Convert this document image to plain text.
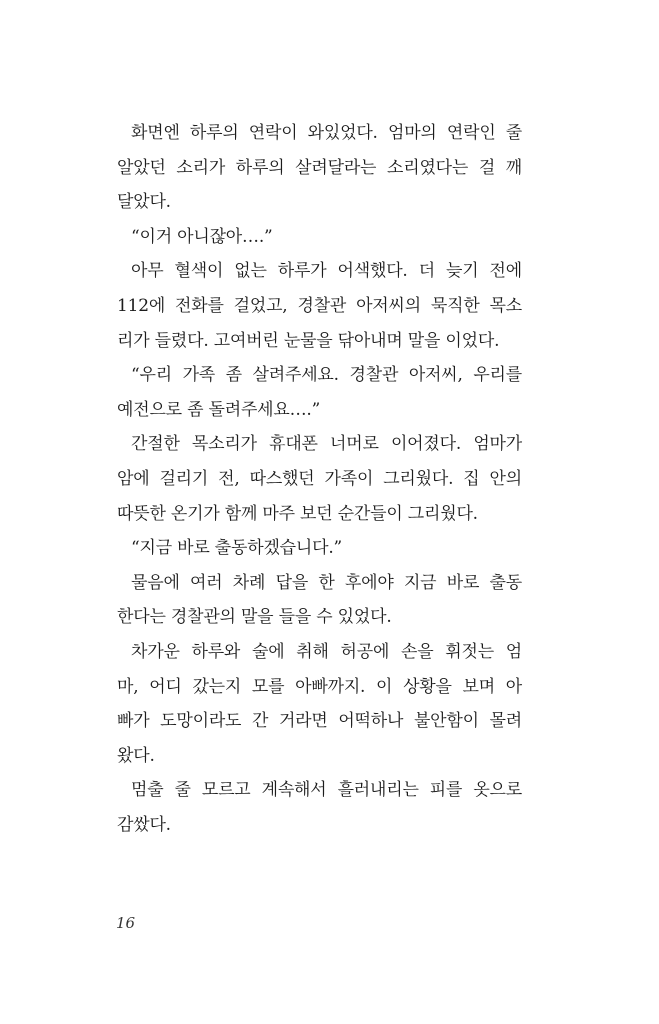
화면엔 하루의 연락이 와있었다. 엄마의 연락인 줄
알았던 소리가 하루의 살려달라는 소리였다는 걸 깨
달았다.
“이거 아니잖아….”
아무 혈색이 없는 하루가 어색했다. 더 늦기 전에
112에 전화를 걸었고, 경찰관 아저씨의 묵직한 목소
리가 들렸다. 고여버린 눈물을 닦아내며 말을 이었다.
“우리 가족 좀 살려주세요. 경찰관 아저씨, 우리를
예전으로 좀 돌려주세요….”
간절한 목소리가 휴대폰 너머로 이어졌다. 엄마가
암에 걸리기 전, 따스했던 가족이 그리웠다. 집 안의
따뜻한 온기가 함께 마주 보던 순간들이 그리웠다.
“지금 바로 출동하겠습니다.”
물음에 여러 차례 답을 한 후에야 지금 바로 출동
한다는 경찰관의 말을 들을 수 있었다.
차가운 하루와 술에 취해 허공에 손을 휘젓는 엄
마, 어디 갔는지 모를 아빠까지. 이 상황을 보며 아
빠가 도망이라도 간 거라면 어떡하나 불안함이 몰려
왔다.
멈출 줄 모르고 계속해서 흘러내리는 피를 옷으로
감쌌다.
16
